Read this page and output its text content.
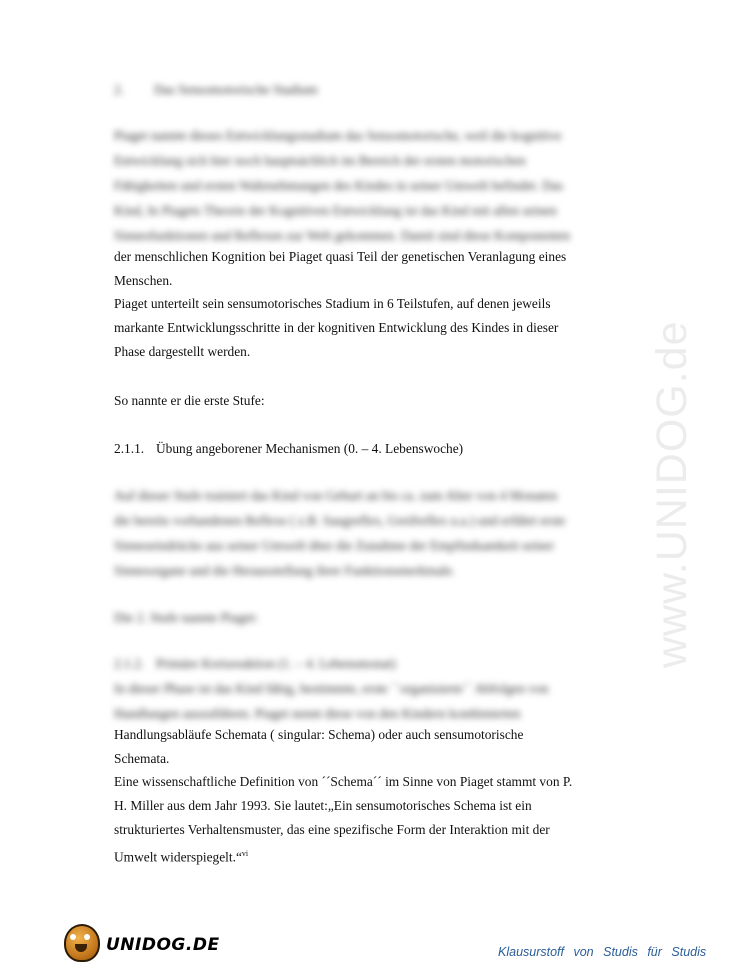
2. Das Sensomotorische Stadium
Piaget nannte dieses Entwicklungsstadium das Sensomotorische, weil die kognitive
Entwicklung sich hier noch hauptsächlich im Bereich der ersten motorischen
Fähigkeiten und ersten Wahrnehmungen des Kindes in seiner Umwelt befindet. Das
Kind, In Piagets Theorie der Kognitiven Entwicklung ist das Kind mit allen seinen
Sinnesfunktionen und Reflexen zur Welt gekommen. Damit sind diese Komponenten
der menschlichen Kognition bei Piaget quasi Teil der genetischen Veranlagung eines
Menschen.
Piaget unterteilt sein sensumotorisches Stadium in 6 Teilstufen, auf denen jeweils
markante Entwicklungsschritte in der kognitiven Entwicklung des Kindes in dieser
Phase dargestellt werden.
So nannte er die erste Stufe:
2.1.1. Übung angeborener Mechanismen (0. – 4. Lebenswoche)
Auf dieser Stufe trainiert das Kind von Geburt an bis ca. zum Alter von 4 Monaten
die bereits vorhandenen Reflexe ( z.B. Saugreflex, Greifreflex u.a.) und erfährt erste
Sinneseindrücke aus seiner Umwelt über die Zunahme der Empfindsamkeit seiner
Sinnesorgane und die Herausstellung ihrer Funktionsmerkmale.
Die 2. Stufe nannte Piaget:
2.1.2. Primäre Kreisreaktion (1. – 4. Lebensmonat)
In dieser Phase ist das Kind fähig, bestimmte, erste ´´organisierte´´ Abfolgen von
Handlungen auszuführen. Piaget nennt diese von den Kindern kombinierten
Handlungsabläufe Schemata ( singular: Schema) oder auch sensumotorische
Schemata.
Eine wissenschaftliche Definition von ´´Schema´´ im Sinne von Piaget stammt von P.
H. Miller aus dem Jahr 1993. Sie lautet:„Ein sensumotorisches Schema ist ein
strukturiertes Verhaltensmuster, das eine spezifische Form der Interaktion mit der
Umwelt widerspiegelt.“$^{vi}$
www.UNIDOG.de
UNIDOG.DE	Klausurstoff von Studis für Studis
